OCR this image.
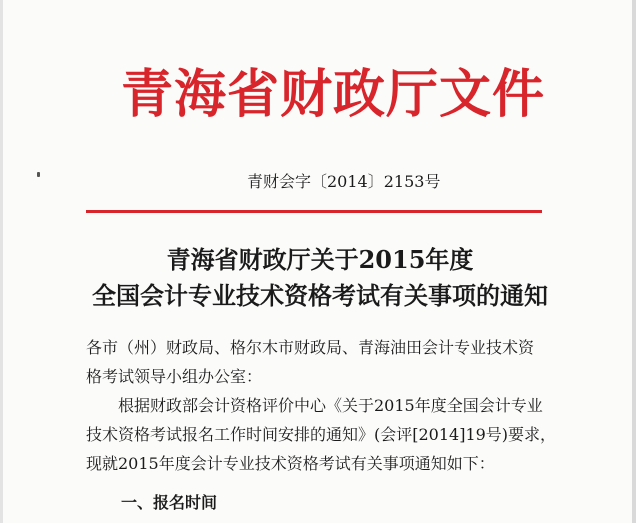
青海省财政厅文件
青财会字〔2014〕2153号
青海省财政厅关于2015年度
全国会计专业技术资格考试有关事项的通知

各市（州）财政局、格尔木市财政局、青海油田会计专业技术资

格考试领导小组办公室：

根据财政部会计资格评价中心《关于2015年度全国会计专业

技术资格考试报名工作时间安排的通知》(会评[2014]19号)要求，

现就2015年度会计专业技术资格考试有关事项通知如下：

一、报名时间
